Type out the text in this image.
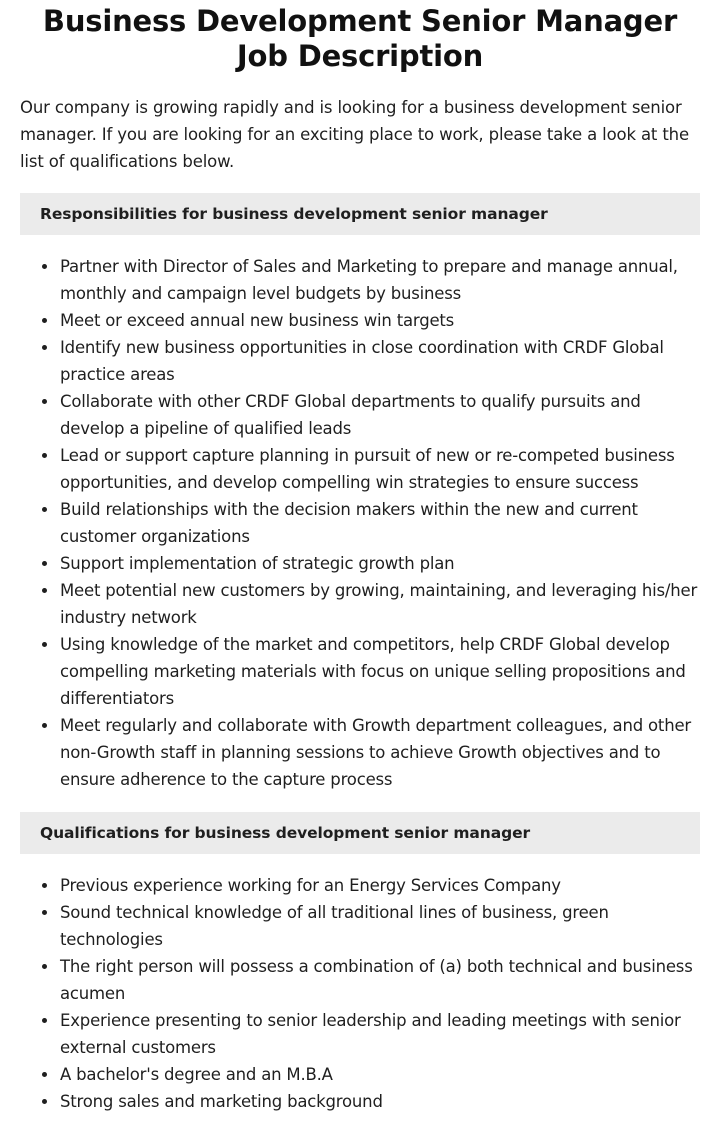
Business Development Senior Manager Job Description

Our company is growing rapidly and is looking for a business development senior manager. If you are looking for an exciting place to work, please take a look at the list of qualifications below.

Responsibilities for business development senior manager
Partner with Director of Sales and Marketing to prepare and manage annual, monthly and campaign level budgets by business
Meet or exceed annual new business win targets
Identify new business opportunities in close coordination with CRDF Global practice areas
Collaborate with other CRDF Global departments to qualify pursuits and develop a pipeline of qualified leads
Lead or support capture planning in pursuit of new or re-competed business opportunities, and develop compelling win strategies to ensure success
Build relationships with the decision makers within the new and current customer organizations
Support implementation of strategic growth plan
Meet potential new customers by growing, maintaining, and leveraging his/her industry network
Using knowledge of the market and competitors, help CRDF Global develop compelling marketing materials with focus on unique selling propositions and differentiators
Meet regularly and collaborate with Growth department colleagues, and other non-Growth staff in planning sessions to achieve Growth objectives and to ensure adherence to the capture process
Qualifications for business development senior manager
Previous experience working for an Energy Services Company
Sound technical knowledge of all traditional lines of business, green technologies
The right person will possess a combination of (a) both technical and business acumen
Experience presenting to senior leadership and leading meetings with senior external customers
A bachelor's degree and an M.B.A
Strong sales and marketing background
